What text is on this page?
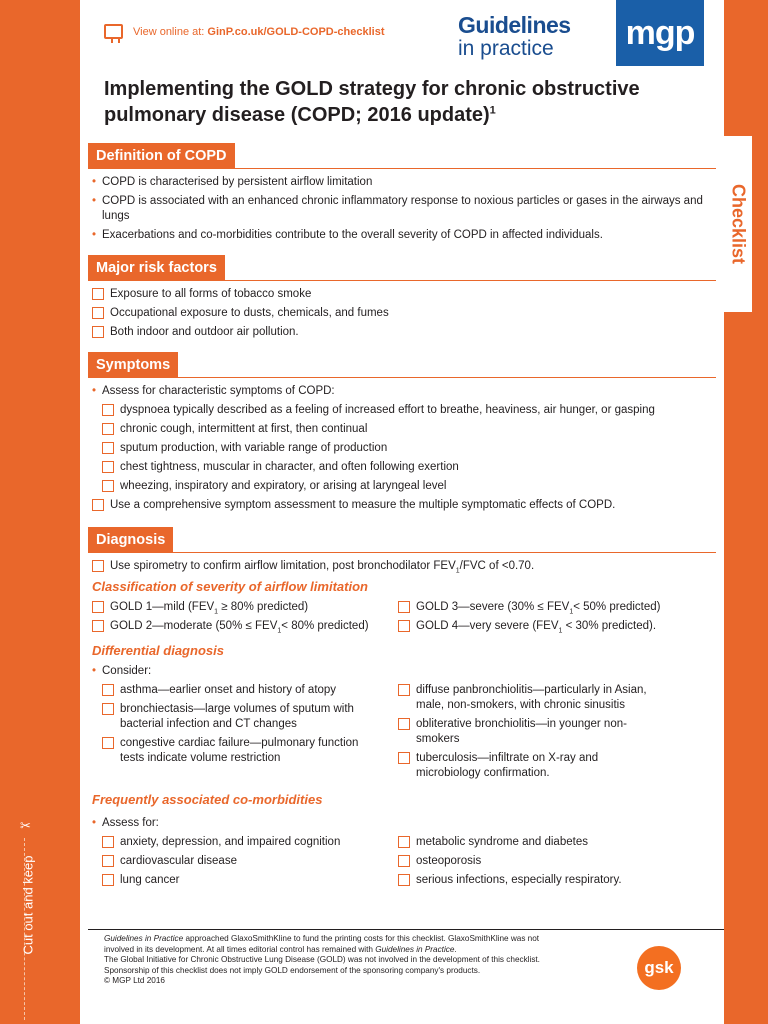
✂
Cut out and keep
Checklist
View online at: GinP.co.uk/GOLD-COPD-checklist	Guidelines
in practice	mgp
Implementing the GOLD strategy for chronic obstructive pulmonary disease (COPD; 2016 update)$^1$
Definition of COPD
• COPD is characterised by persistent airflow limitation
• COPD is associated with an enhanced chronic inflammatory response to noxious particles or gases in the airways and lungs
• Exacerbations and co-morbidities contribute to the overall severity of COPD in affected individuals.
Major risk factors
Exposure to all forms of tobacco smoke
Occupational exposure to dusts, chemicals, and fumes
Both indoor and outdoor air pollution.
Symptoms
• Assess for characteristic symptoms of COPD:
dyspnoea typically described as a feeling of increased effort to breathe, heaviness, air hunger, or gasping
chronic cough, intermittent at first, then continual
sputum production, with variable range of production
chest tightness, muscular in character, and often following exertion
wheezing, inspiratory and expiratory, or arising at laryngeal level
Use a comprehensive symptom assessment to measure the multiple symptomatic effects of COPD.
Diagnosis
Use spirometry to confirm airflow limitation, post bronchodilator $FEV_1$/FVC of <0.70.
Classification of severity of airflow limitation
GOLD 1—mild ($FEV_1 \ge 80\%$ predicted)
GOLD 2—moderate ($50\% \le FEV_1< 80\%$ predicted)
GOLD 3—severe ($30\% \le FEV_1< 50\%$ predicted)
GOLD 4—very severe ($FEV_1 < 30\%$ predicted).
Differential diagnosis
• Consider:
asthma—earlier onset and history of atopy
bronchiectasis—large volumes of sputum with bacterial infection and CT changes
congestive cardiac failure—pulmonary function tests indicate volume restriction
diffuse panbronchiolitis—particularly in Asian, male, non-smokers, with chronic sinusitis
obliterative bronchiolitis—in younger non-smokers
tuberculosis—infiltrate on X-ray and microbiology confirmation.
Frequently associated co-morbidities
• Assess for:
anxiety, depression, and impaired cognition
cardiovascular disease
lung cancer
metabolic syndrome and diabetes
osteoporosis
serious infections, especially respiratory.
Guidelines in Practice approached GlaxoSmithKline to fund the printing costs for this checklist. GlaxoSmithKline was not involved in its development. At all times editorial control has remained with Guidelines in Practice.
The Global Initiative for Chronic Obstructive Lung Disease (GOLD) was not involved in the development of this checklist.
Sponsorship of this checklist does not imply GOLD endorsement of the sponsoring company's products.
© MGP Ltd 2016
gsk
